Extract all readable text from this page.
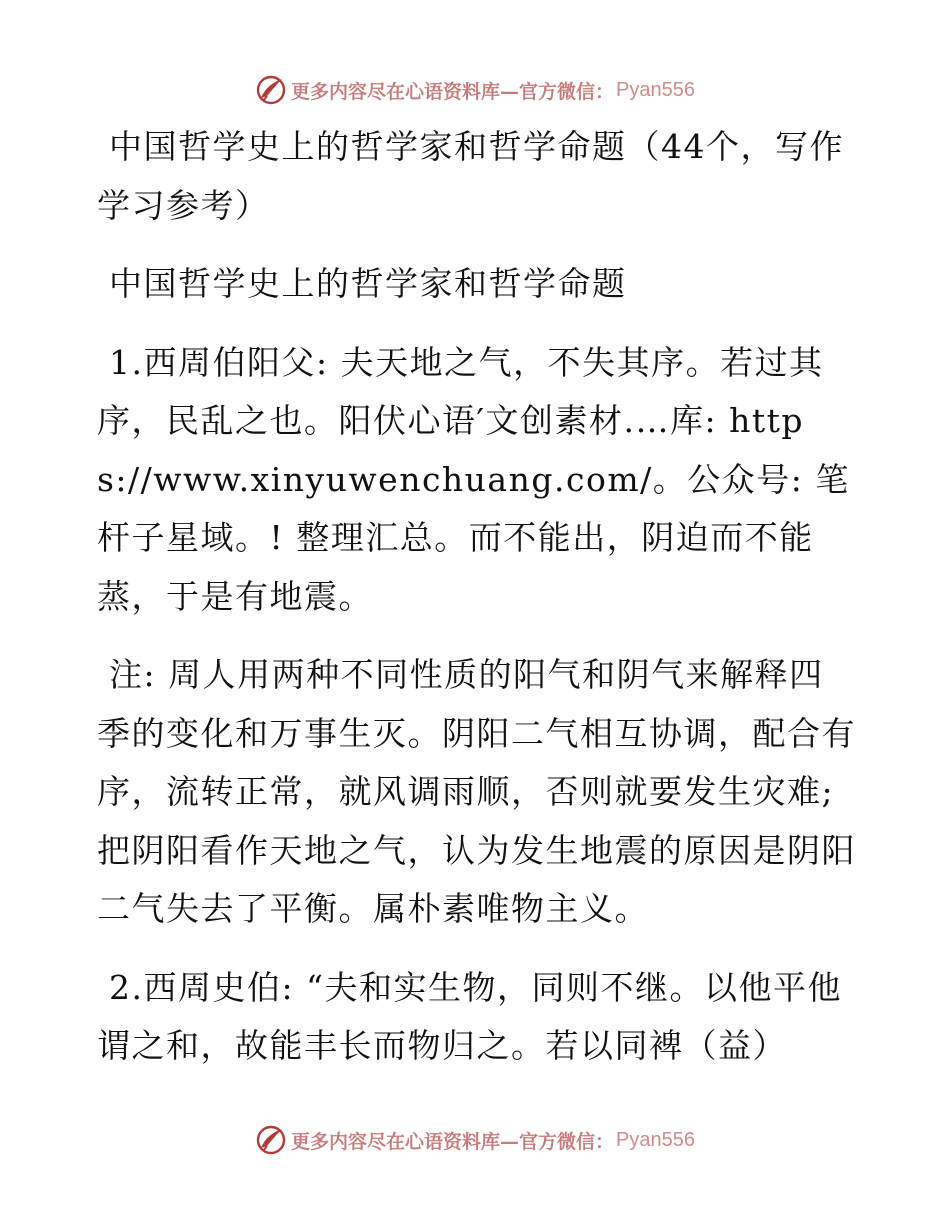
更多内容尽在心语资料库—官方微信： Pyan556

中国哲学史上的哲学家和哲学命题（44个，写作学习参考）

中国哲学史上的哲学家和哲学命题

1.西周伯阳父: 夫天地之气，不失其序。若过其序，民乱之也。阳伏心语′文创素材.…库: https://www.xinyuwenchuang.com/。公众号: 笔杆子星域。! 整理汇总。而不能出，阴迫而不能蒸，于是有地震。

注: 周人用两种不同性质的阳气和阴气来解释四季的变化和万事生灭。阴阳二气相互协调，配合有序，流转正常，就风调雨顺，否则就要发生灾难; 把阴阳看作天地之气，认为发生地震的原因是阴阳二气失去了平衡。属朴素唯物主义。

2.西周史伯: “夫和实生物，同则不继。以他平他谓之和，故能丰长而物归之。若以同裨（益）

更多内容尽在心语资料库—官方微信： Pyan556
